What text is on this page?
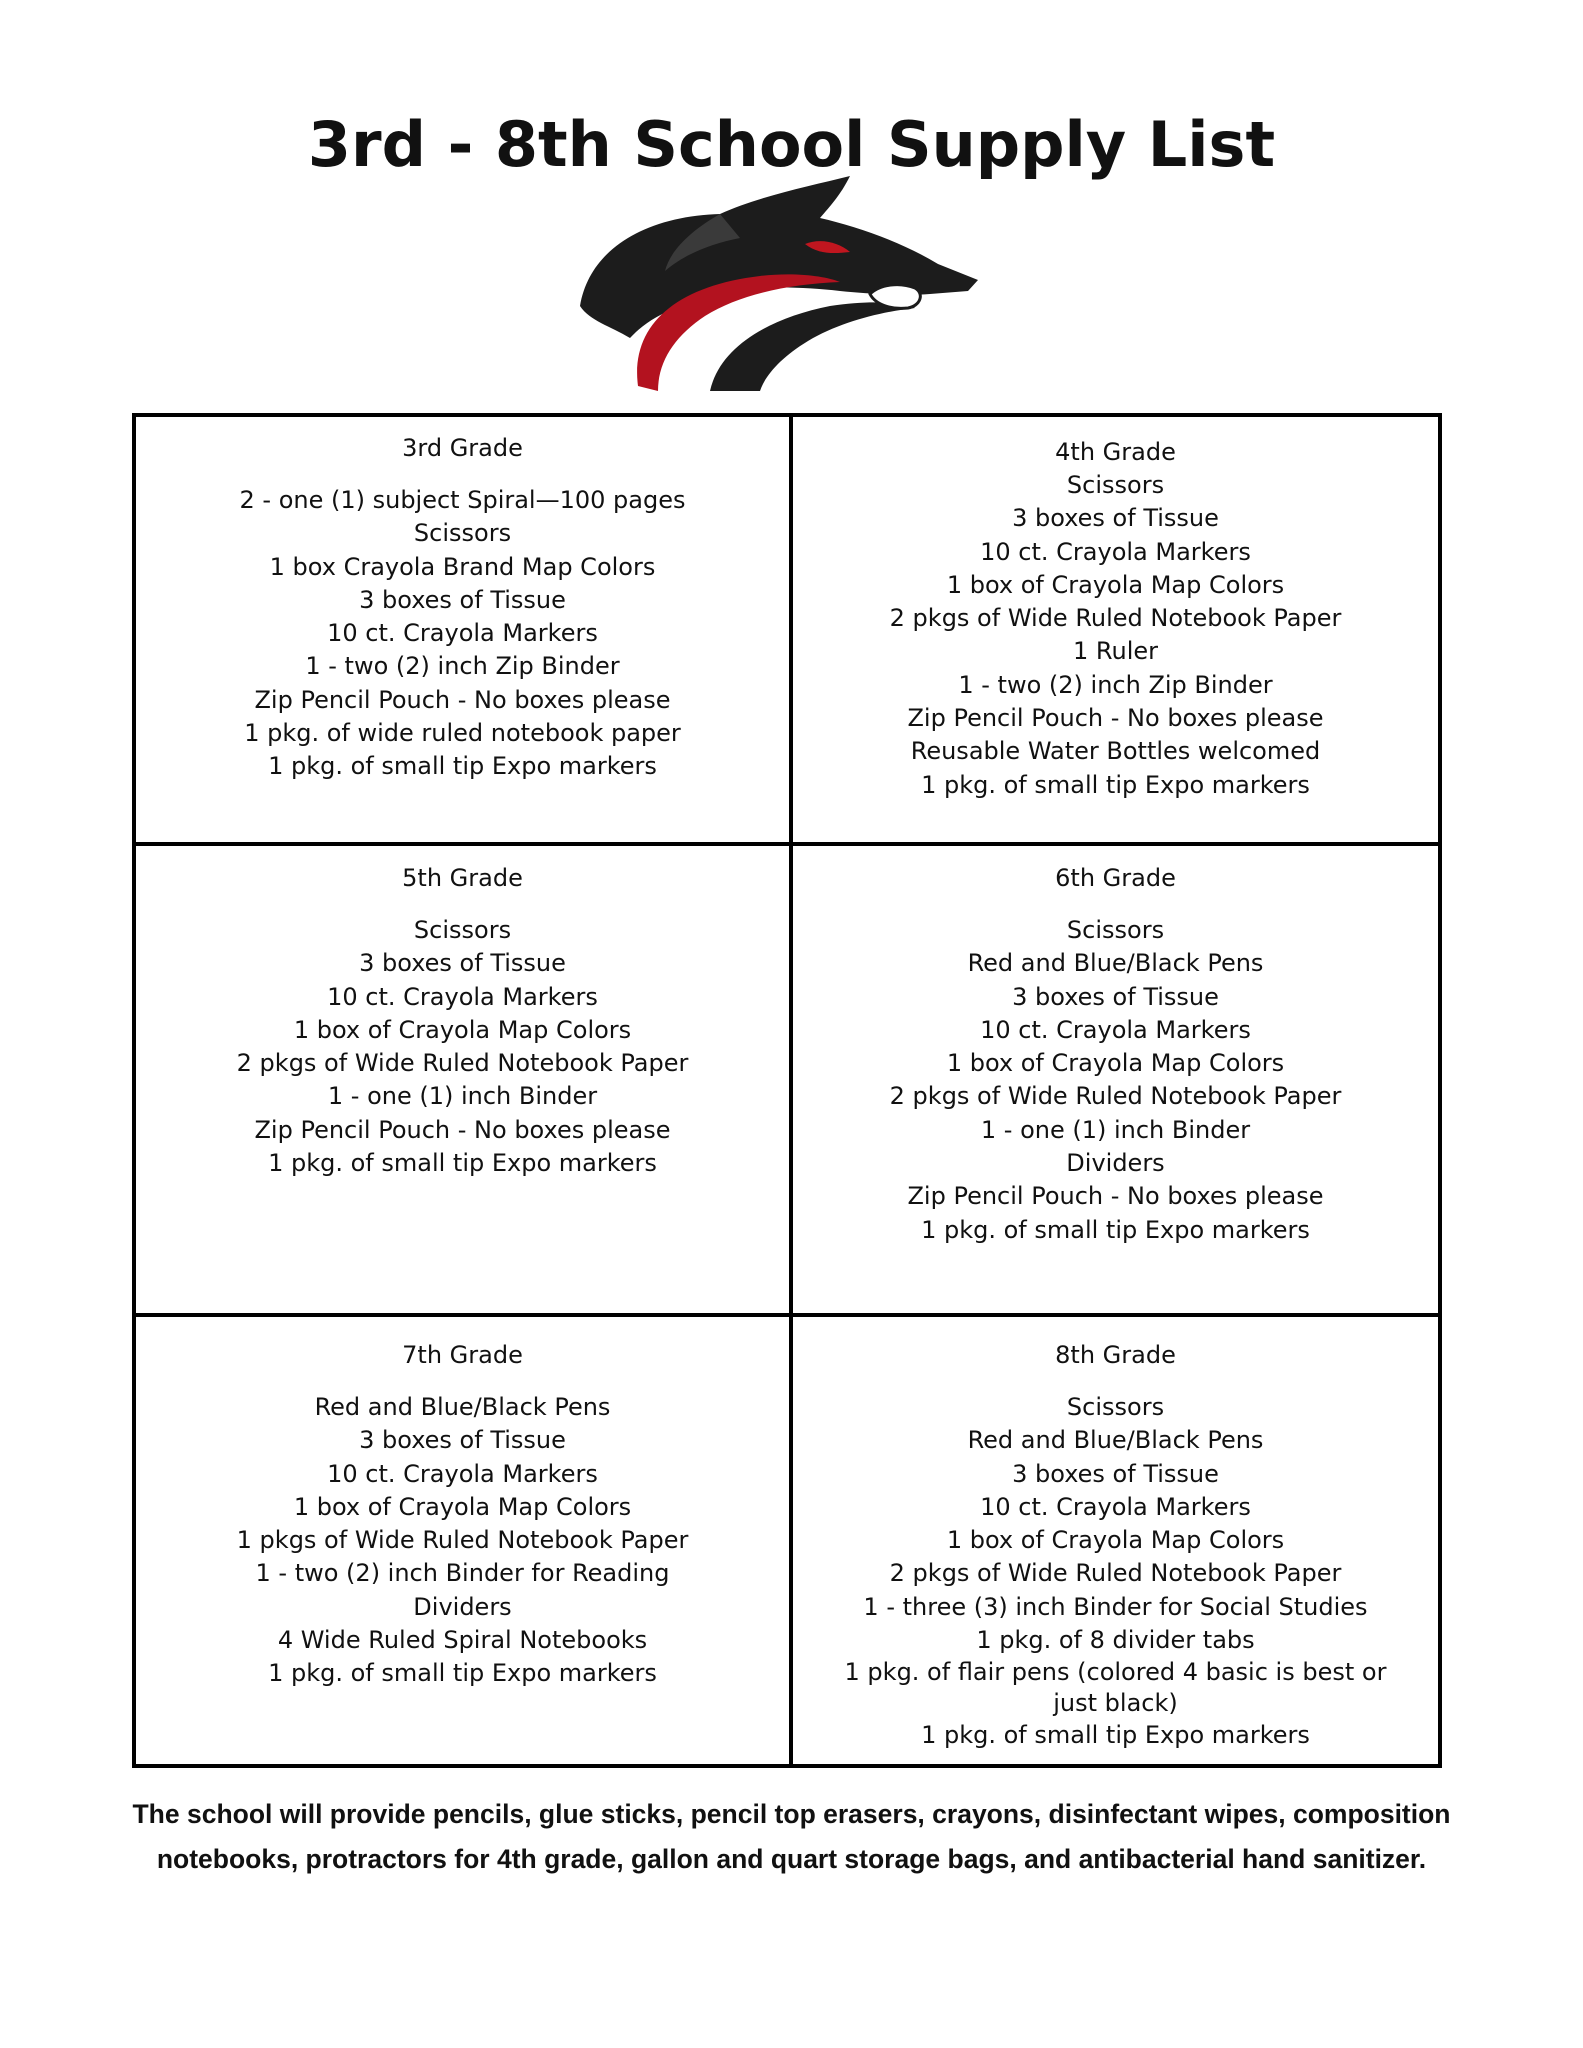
3rd - 8th School Supply List

3rd Grade

2 - one (1) subject Spiral—100 pages
Scissors
1 box Crayola Brand Map Colors
3 boxes of Tissue
10 ct. Crayola Markers
1 - two (2) inch Zip Binder
Zip Pencil Pouch - No boxes please
1 pkg. of wide ruled notebook paper
1 pkg. of small tip Expo markers

4th Grade

Scissors
3 boxes of Tissue
10 ct. Crayola Markers
1 box of Crayola Map Colors
2 pkgs of Wide Ruled Notebook Paper
1 Ruler
1 - two (2) inch Zip Binder
Zip Pencil Pouch - No boxes please
Reusable Water Bottles welcomed
1 pkg. of small tip Expo markers

5th Grade

Scissors
3 boxes of Tissue
10 ct. Crayola Markers
1 box of Crayola Map Colors
2 pkgs of Wide Ruled Notebook Paper
1 - one (1) inch Binder
Zip Pencil Pouch - No boxes please
1 pkg. of small tip Expo markers

6th Grade

Scissors
Red and Blue/Black Pens
3 boxes of Tissue
10 ct. Crayola Markers
1 box of Crayola Map Colors
2 pkgs of Wide Ruled Notebook Paper
1 - one (1) inch Binder
Dividers
Zip Pencil Pouch - No boxes please
1 pkg. of small tip Expo markers

7th Grade

Red and Blue/Black Pens
3 boxes of Tissue
10 ct. Crayola Markers
1 box of Crayola Map Colors
1 pkgs of Wide Ruled Notebook Paper
1 - two (2) inch Binder for Reading
Dividers
4 Wide Ruled Spiral Notebooks
1 pkg. of small tip Expo markers

8th Grade

Scissors
Red and Blue/Black Pens
3 boxes of Tissue
10 ct. Crayola Markers
1 box of Crayola Map Colors
2 pkgs of Wide Ruled Notebook Paper
1 - three (3) inch Binder for Social Studies
1 pkg. of 8 divider tabs
1 pkg. of flair pens (colored 4 basic is best or just black)
1 pkg. of small tip Expo markers

The school will provide pencils, glue sticks, pencil top erasers, crayons, disinfectant wipes, composition notebooks, protractors for 4th grade, gallon and quart storage bags, and antibacterial hand sanitizer.
